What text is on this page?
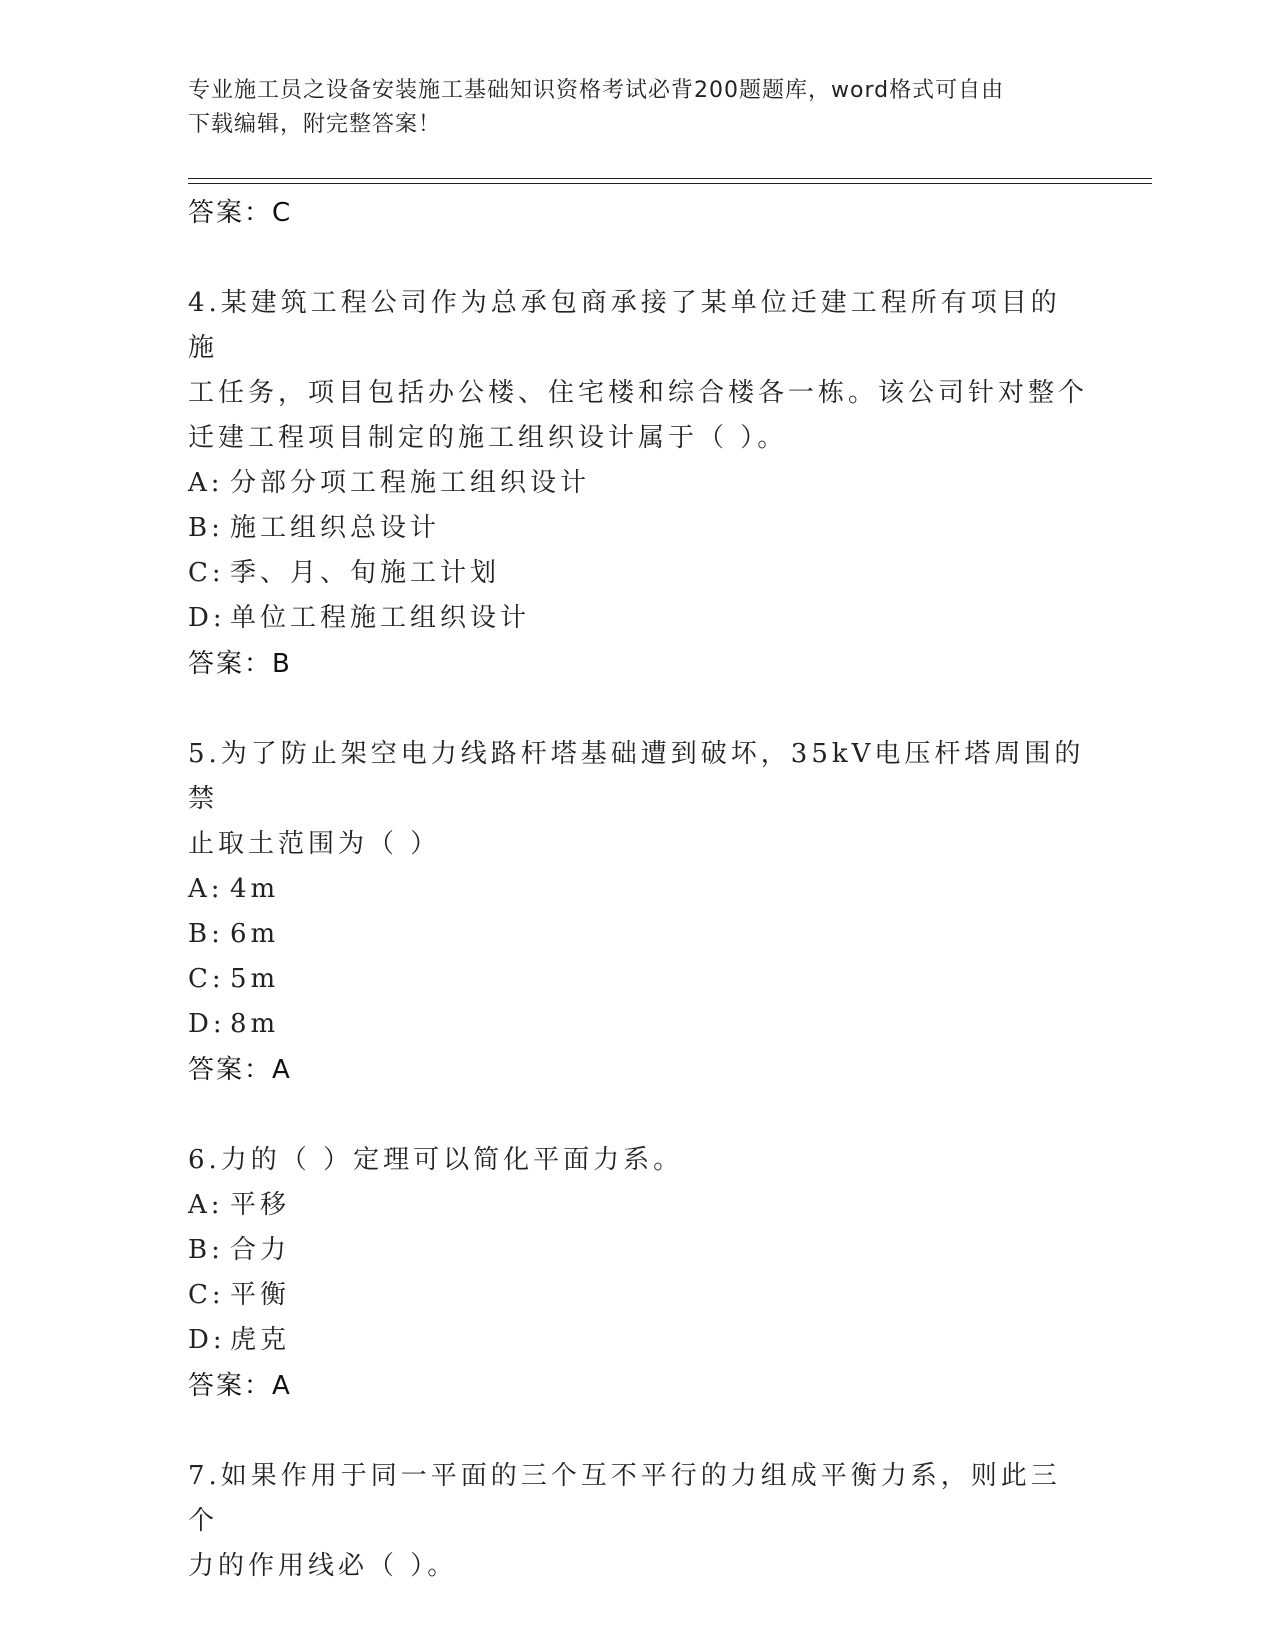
专业施工员之设备安装施工基础知识资格考试必背200题题库，word格式可自由
下载编辑，附完整答案！
答案：C
4.某建筑工程公司作为总承包商承接了某单位迁建工程所有项目的施
工任务，项目包括办公楼、住宅楼和综合楼各一栋。该公司针对整个
迁建工程项目制定的施工组织设计属于（ ）。
A: 分部分项工程施工组织设计
B: 施工组织总设计
C: 季、月、旬施工计划
D: 单位工程施工组织设计
答案：B
5.为了防止架空电力线路杆塔基础遭到破坏，35kV电压杆塔周围的禁
止取土范围为（ ）
A: 4m
B: 6m
C: 5m
D: 8m
答案：A
6.力的（ ）定理可以简化平面力系。
A: 平移
B: 合力
C: 平衡
D: 虎克
答案：A
7.如果作用于同一平面的三个互不平行的力组成平衡力系，则此三个
力的作用线必（ ）。
